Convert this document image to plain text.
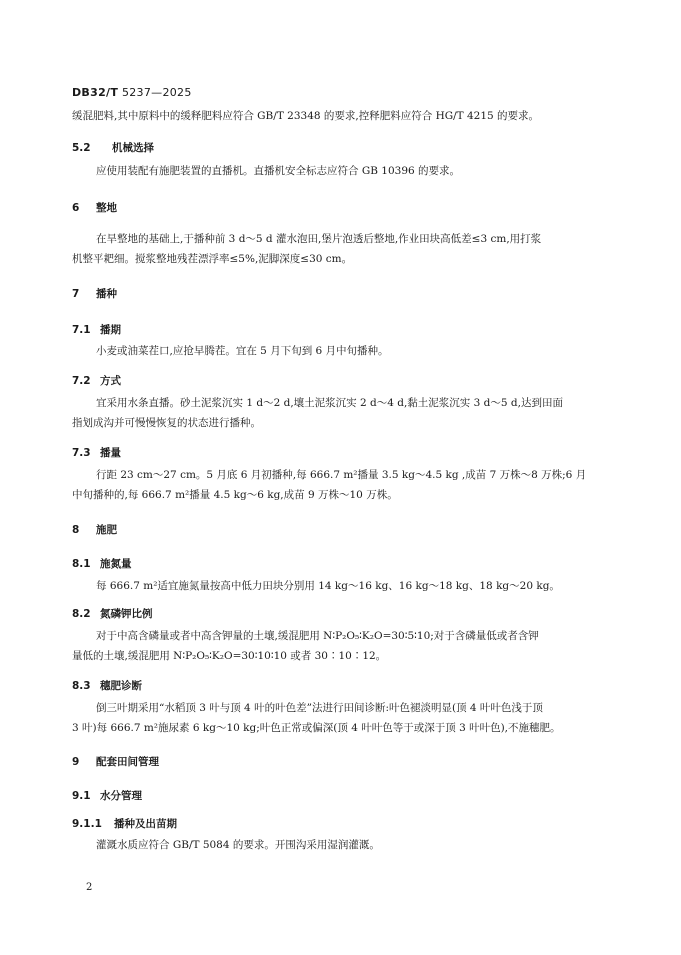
DB32/T 5237—2025
缓混肥料,其中原料中的缓释肥料应符合 GB/T 23348 的要求,控释肥料应符合 HG/T 4215 的要求。
5.2 机械选择
应使用装配有施肥装置的直播机。直播机安全标志应符合 GB 10396 的要求。
6 整地
在旱整地的基础上,于播种前 3 d～5 d 灌水泡田,堡片泡透后整地,作业田块高低差≤3 cm,用打浆
机整平耙细。搅浆整地残茬漂浮率≤5%,泥脚深度≤30 cm。
7 播种
7.1 播期
小麦或油菜茬口,应抢早腾茬。宜在 5 月下旬到 6 月中旬播种。
7.2 方式
宜采用水条直播。砂土泥浆沉实 1 d～2 d,壤土泥浆沉实 2 d～4 d,黏土泥浆沉实 3 d～5 d,达到田面
指划成沟并可慢慢恢复的状态进行播种。
7.3 播量
行距 23 cm～27 cm。5 月底 6 月初播种,每 666.7 m²播量 3.5 kg～4.5 kg ,成苗 7 万株～8 万株;6 月
中旬播种的,每 666.7 m²播量 4.5 kg～6 kg,成苗 9 万株～10 万株。
8 施肥
8.1 施氮量
每 666.7 m²适宜施氮量按高中低力田块分别用 14 kg～16 kg、16 kg～18 kg、18 kg～20 kg。
8.2 氮磷钾比例
对于中高含磷量或者中高含钾量的土壤,缓混肥用 N∶P₂O₅∶K₂O=30∶5∶10;对于含磷量低或者含钾
量低的土壤,缓混肥用 N∶P₂O₅∶K₂O=30∶10∶10 或者 30∶10∶12。
8.3 穗肥诊断
倒三叶期采用“水稻顶 3 叶与顶 4 叶的叶色差”法进行田间诊断:叶色褪淡明显(顶 4 叶叶色浅于顶
3 叶)每 666.7 m²施尿素 6 kg～10 kg;叶色正常或偏深(顶 4 叶叶色等于或深于顶 3 叶叶色),不施穗肥。
9 配套田间管理
9.1 水分管理
9.1.1 播种及出苗期
灌溉水质应符合 GB/T 5084 的要求。开围沟采用湿润灌溉。
2
